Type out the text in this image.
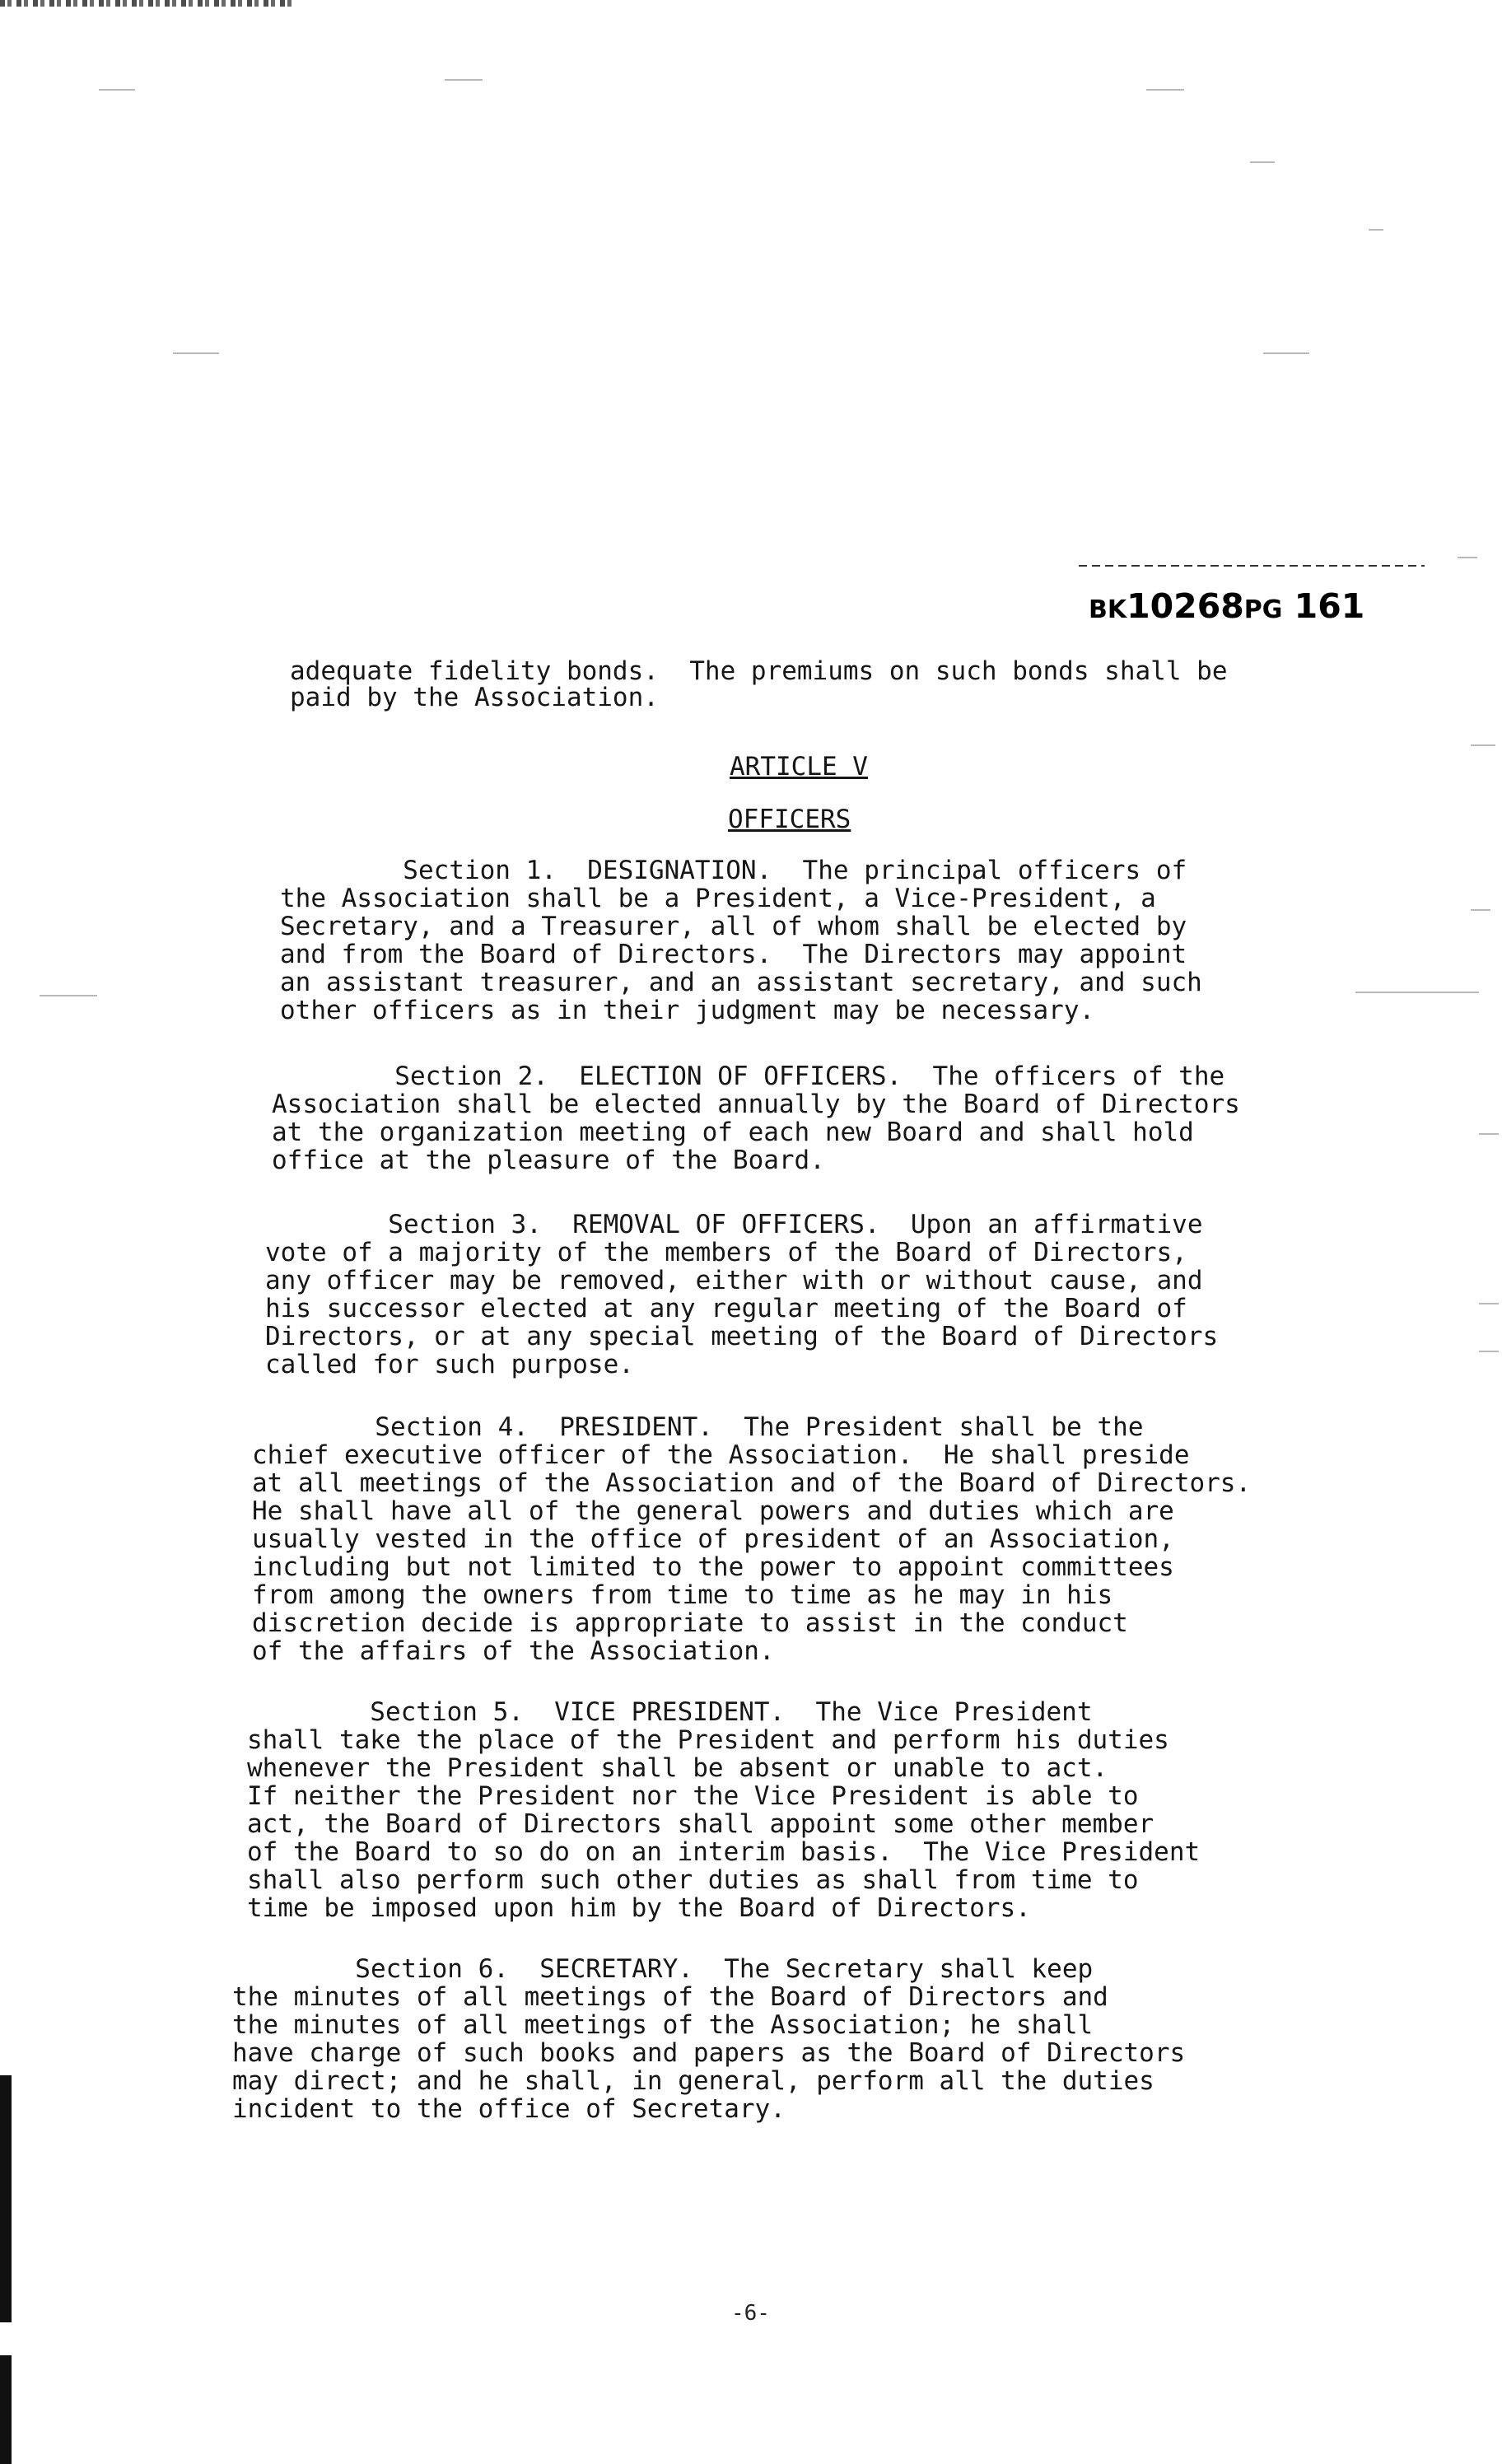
BK10268PG 161
adequate fidelity bonds.  The premiums on such bonds shall be
paid by the Association.
ARTICLE V
OFFICERS
Section 1.  DESIGNATION.  The principal officers of
the Association shall be a President, a Vice-President, a
Secretary, and a Treasurer, all of whom shall be elected by
and from the Board of Directors.  The Directors may appoint
an assistant treasurer, and an assistant secretary, and such
other officers as in their judgment may be necessary.
Section 2.  ELECTION OF OFFICERS.  The officers of the
Association shall be elected annually by the Board of Directors
at the organization meeting of each new Board and shall hold
office at the pleasure of the Board.
Section 3.  REMOVAL OF OFFICERS.  Upon an affirmative
vote of a majority of the members of the Board of Directors,
any officer may be removed, either with or without cause, and
his successor elected at any regular meeting of the Board of
Directors, or at any special meeting of the Board of Directors
called for such purpose.
Section 4.  PRESIDENT.  The President shall be the
chief executive officer of the Association.  He shall preside
at all meetings of the Association and of the Board of Directors.
He shall have all of the general powers and duties which are
usually vested in the office of president of an Association,
including but not limited to the power to appoint committees
from among the owners from time to time as he may in his
discretion decide is appropriate to assist in the conduct
of the affairs of the Association.
Section 5.  VICE PRESIDENT.  The Vice President
shall take the place of the President and perform his duties
whenever the President shall be absent or unable to act.
If neither the President nor the Vice President is able to
act, the Board of Directors shall appoint some other member
of the Board to so do on an interim basis.  The Vice President
shall also perform such other duties as shall from time to
time be imposed upon him by the Board of Directors.
Section 6.  SECRETARY.  The Secretary shall keep
the minutes of all meetings of the Board of Directors and
the minutes of all meetings of the Association; he shall
have charge of such books and papers as the Board of Directors
may direct; and he shall, in general, perform all the duties
incident to the office of Secretary.
-6-
